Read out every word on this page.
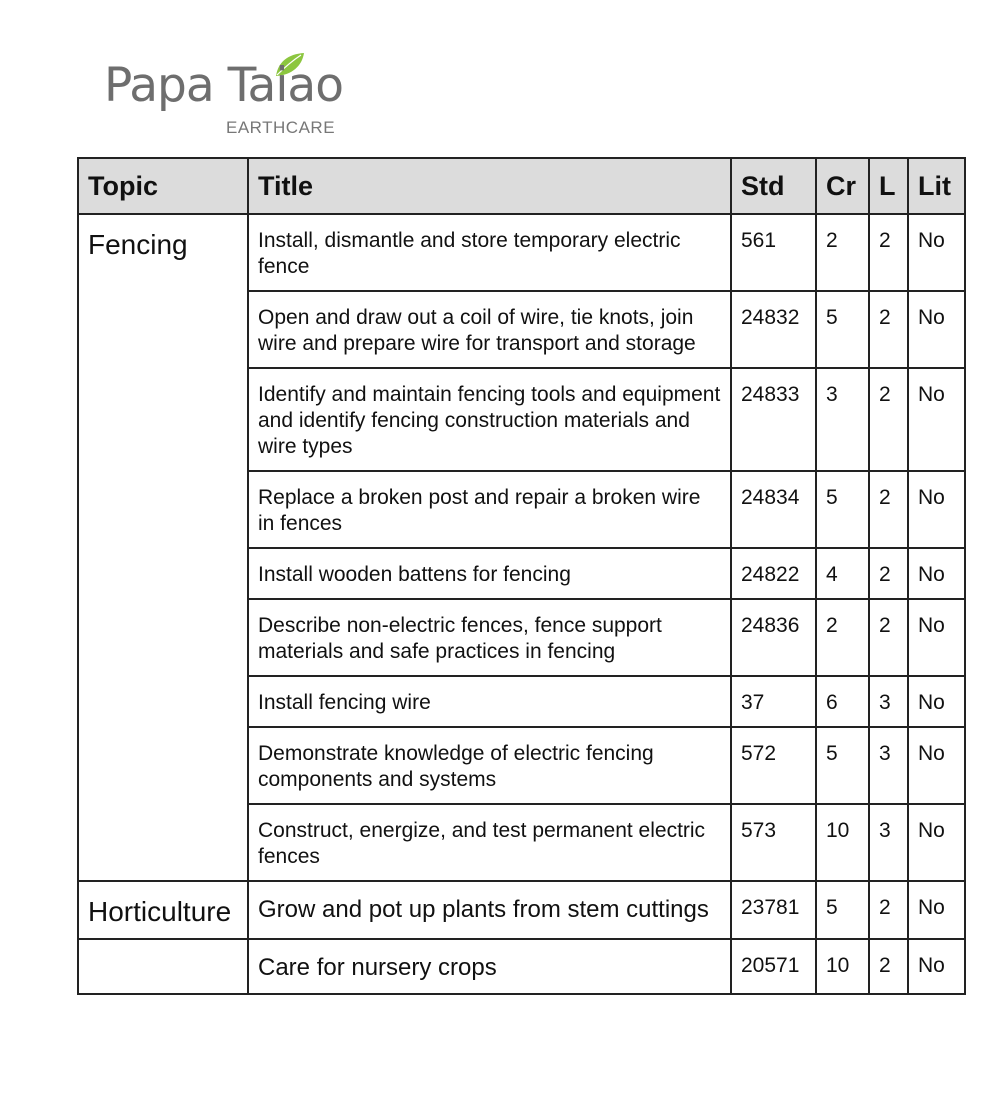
Papa Taiao
EARTHCARE
Topic	Title	Std	Cr	L	Lit
Fencing	Install, dismantle and store temporary electric fence	561	2	2	No
	Open and draw out a coil of wire, tie knots, join wire and prepare wire for transport and storage	24832	5	2	No
	Identify and maintain fencing tools and equipment and identify fencing construction materials and wire types	24833	3	2	No
	Replace a broken post and repair a broken wire in fences	24834	5	2	No
	Install wooden battens for fencing	24822	4	2	No
	Describe non-electric fences, fence support materials and safe practices in fencing	24836	2	2	No
	Install fencing wire	37	6	3	No
	Demonstrate knowledge of electric fencing components and systems	572	5	3	No
	Construct, energize, and test permanent electric fences	573	10	3	No
Horticulture	Grow and pot up plants from stem cuttings	23781	5	2	No
	Care for nursery crops	20571	10	2	No
